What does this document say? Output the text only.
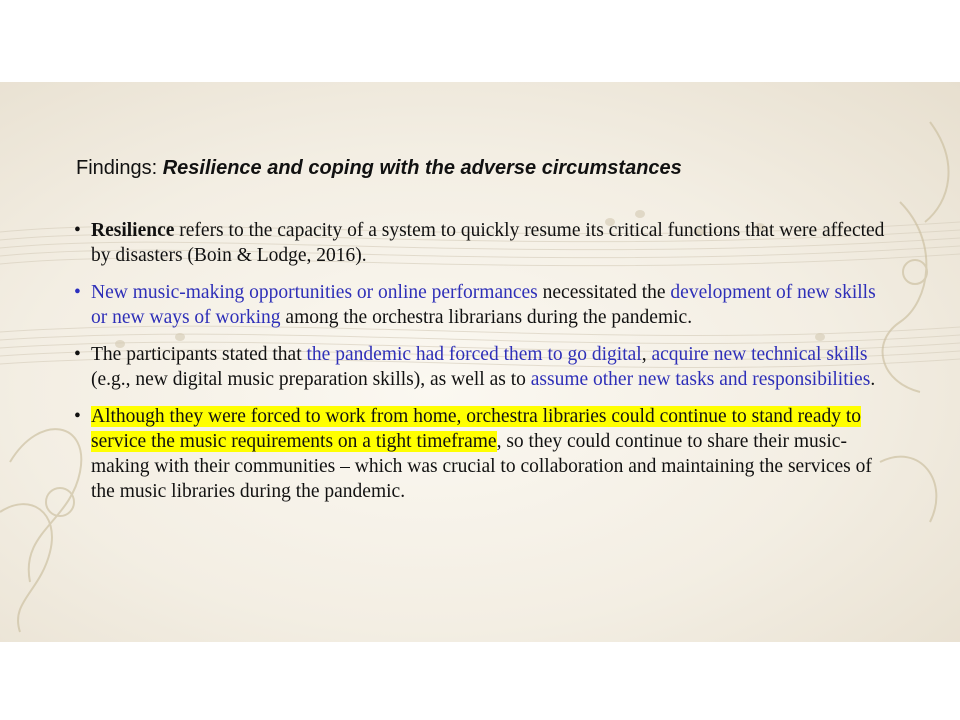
Findings: Resilience and coping with the adverse circumstances
• Resilience refers to the capacity of a system to quickly resume its critical functions that were affected by disasters (Boin & Lodge, 2016).
• New music-making opportunities or online performances necessitated the development of new skills or new ways of working among the orchestra librarians during the pandemic.
• The participants stated that the pandemic had forced them to go digital, acquire new technical skills (e.g., new digital music preparation skills), as well as to assume other new tasks and responsibilities.
• Although they were forced to work from home, orchestra libraries could continue to stand ready to service the music requirements on a tight timeframe, so they could continue to share their music-making with their communities – which was crucial to collaboration and maintaining the services of the music libraries during the pandemic.
